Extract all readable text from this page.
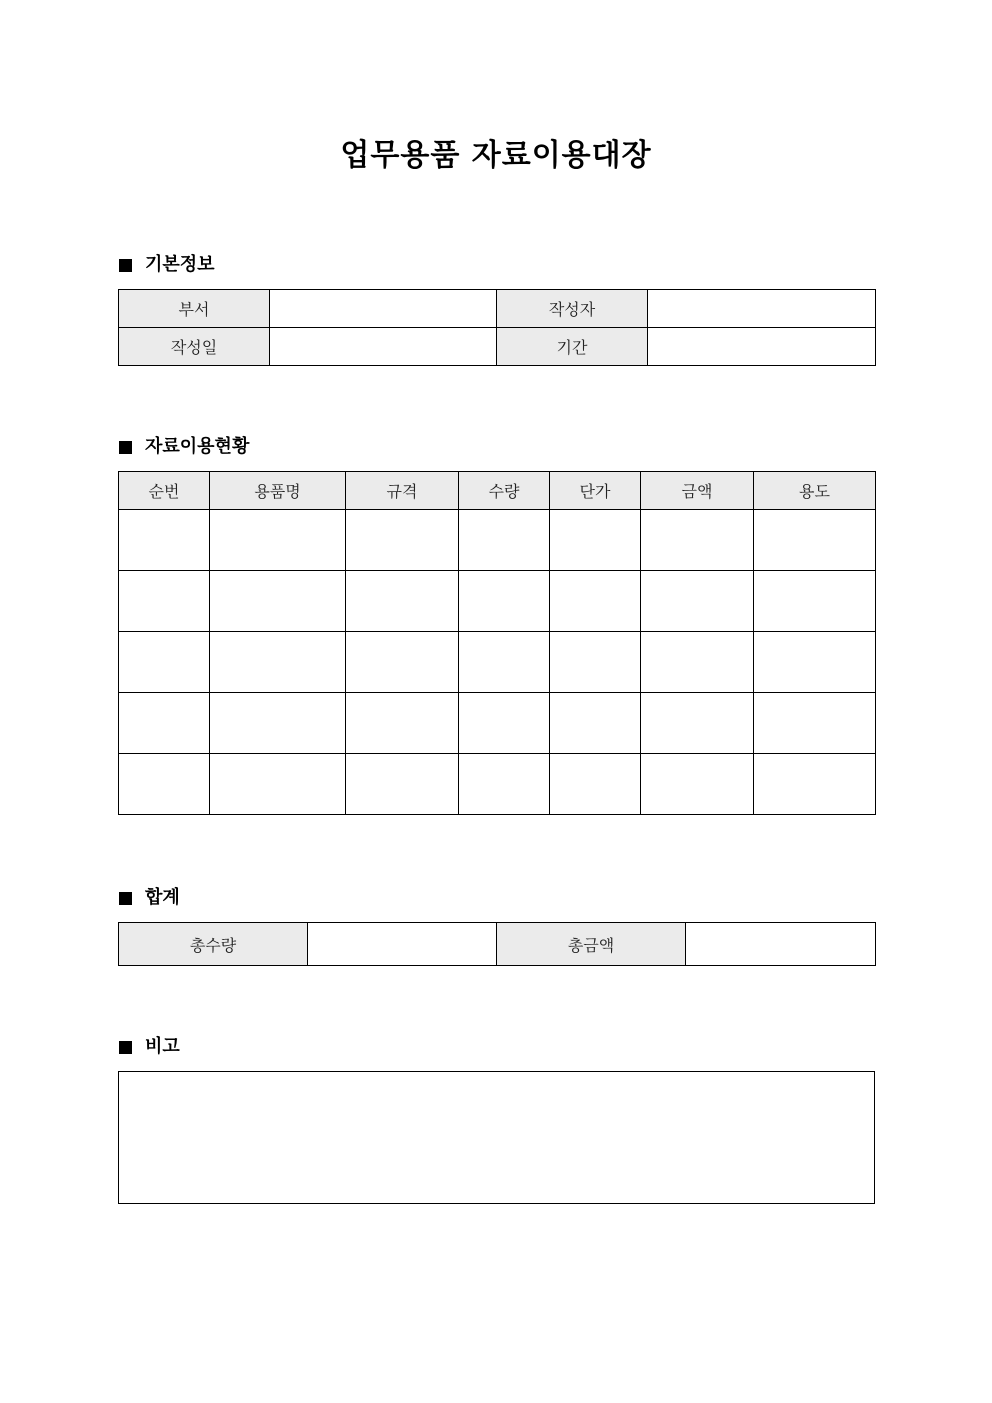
업무용품 자료이용대장
기본정보
부서		작성자	
작성일		기간	
자료이용현황
순번	용품명	규격	수량	단가	금액	용도

합계
총수량		총금액	
비고
